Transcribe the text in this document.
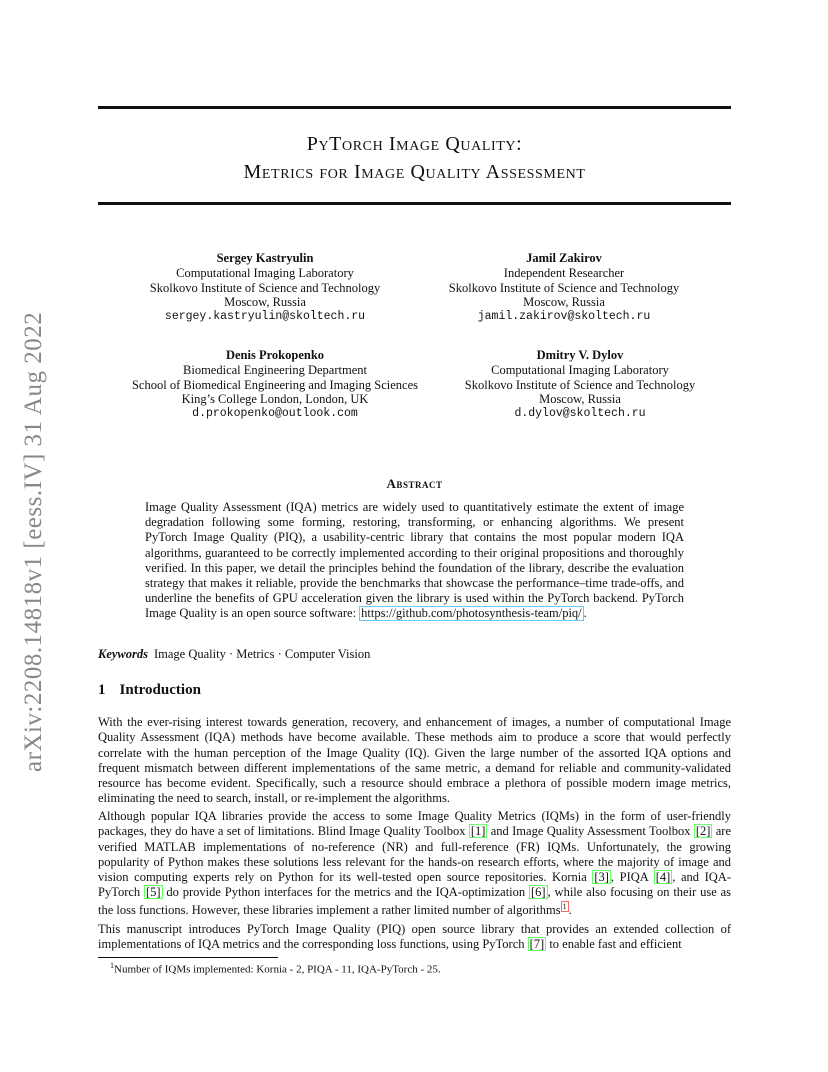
PyTorch Image Quality:
Metrics for Image Quality Assessment
arXiv:2208.14818v1 [eess.IV] 31 Aug 2022
Sergey Kastryulin
Computational Imaging Laboratory
Skolkovo Institute of Science and Technology
Moscow, Russia
sergey.kastryulin@skoltech.ru
Jamil Zakirov
Independent Researcher
Skolkovo Institute of Science and Technology
Moscow, Russia
jamil.zakirov@skoltech.ru
Denis Prokopenko
Biomedical Engineering Department
School of Biomedical Engineering and Imaging Sciences
King’s College London, London, UK
d.prokopenko@outlook.com
Dmitry V. Dylov
Computational Imaging Laboratory
Skolkovo Institute of Science and Technology
Moscow, Russia
d.dylov@skoltech.ru
Abstract
Image Quality Assessment (IQA) metrics are widely used to quantitatively estimate the extent of image degradation following some forming, restoring, transforming, or enhancing algorithms. We present PyTorch Image Quality (PIQ), a usability-centric library that contains the most popular modern IQA algorithms, guaranteed to be correctly implemented according to their original propositions and thoroughly verified. In this paper, we detail the principles behind the foundation of the library, describe the evaluation strategy that makes it reliable, provide the benchmarks that showcase the performance–time trade-offs, and underline the benefits of GPU acceleration given the library is used within the PyTorch backend. PyTorch Image Quality is an open source software: https://github.com/photosynthesis-team/piq/ .
Keywords Image Quality · Metrics · Computer Vision
1 Introduction

With the ever-rising interest towards generation, recovery, and enhancement of images, a number of computational Image Quality Assessment (IQA) methods have become available. These methods aim to produce a score that would perfectly correlate with the human perception of the Image Quality (IQ). Given the large number of the assorted IQA options and frequent mismatch between different implementations of the same metric, a demand for reliable and community-validated resource has become evident. Specifically, such a resource should embrace a plethora of possible modern image metrics, eliminating the need to search, install, or re-implement the algorithms.

Although popular IQA libraries provide the access to some Image Quality Metrics (IQMs) in the form of user-friendly packages, they do have a set of limitations. Blind Image Quality Toolbox [1] and Image Quality Assessment Toolbox [2] are verified MATLAB implementations of no-reference (NR) and full-reference (FR) IQMs. Unfortunately, the growing popularity of Python makes these solutions less relevant for the hands-on research efforts, where the majority of image and vision computing experts rely on Python for its well-tested open source repositories. Kornia [3] , PIQA [4] , and IQA-PyTorch [5] do provide Python interfaces for the metrics and the IQA-optimization [6] , while also focusing on their use as the loss functions. However, these libraries implement a rather limited number of algorithms 1 .

This manuscript introduces PyTorch Image Quality (PIQ) open source library that provides an extended collection of implementations of IQA metrics and the corresponding loss functions, using PyTorch [7] to enable fast and efficient

$^1$Number of IQMs implemented: Kornia - 2, PIQA - 11, IQA-PyTorch - 25.
